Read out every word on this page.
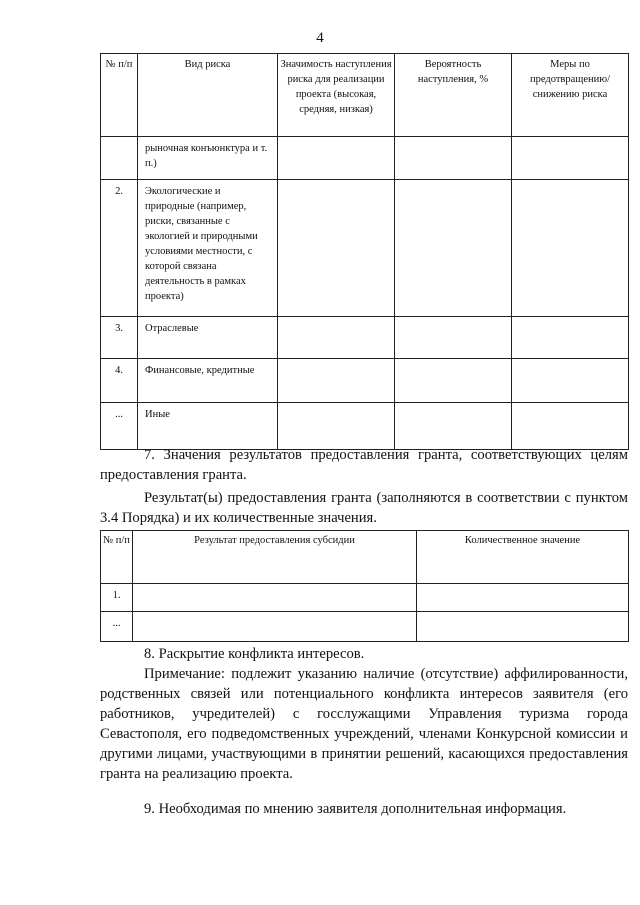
4
№ п/п	Вид риска	Значимость наступления риска для реализации проекта (высокая, средняя, низкая)	Вероятность наступления, %	Меры по предотвращению/ снижению риска
	рыночная конъюнктура и т. п.)			
2.	Экологические и природные (например, риски, связанные с экологией и природными условиями местности, с которой связана деятельность в рамках проекта)			
3.	Отраслевые			
4.	Финансовые, кредитные			
...	Иные			

7. Значения результатов предоставления гранта, соответствующих целям предоставления гранта.

Результат(ы) предоставления гранта (заполняются в соответствии с пунктом 3.4 Порядка) и их количественные значения.

№ п/п	Результат предоставления субсидии	Количественное значение
1.		
...		

8. Раскрытие конфликта интересов.

Примечание: подлежит указанию наличие (отсутствие) аффилированности, родственных связей или потенциального конфликта интересов заявителя (его работников, учредителей) с госслужащими Управления туризма города Севастополя, его подведомственных учреждений, членами Конкурсной комиссии и другими лицами, участвующими в принятии решений, касающихся предоставления гранта на реализацию проекта.

9. Необходимая по мнению заявителя дополнительная информация.
